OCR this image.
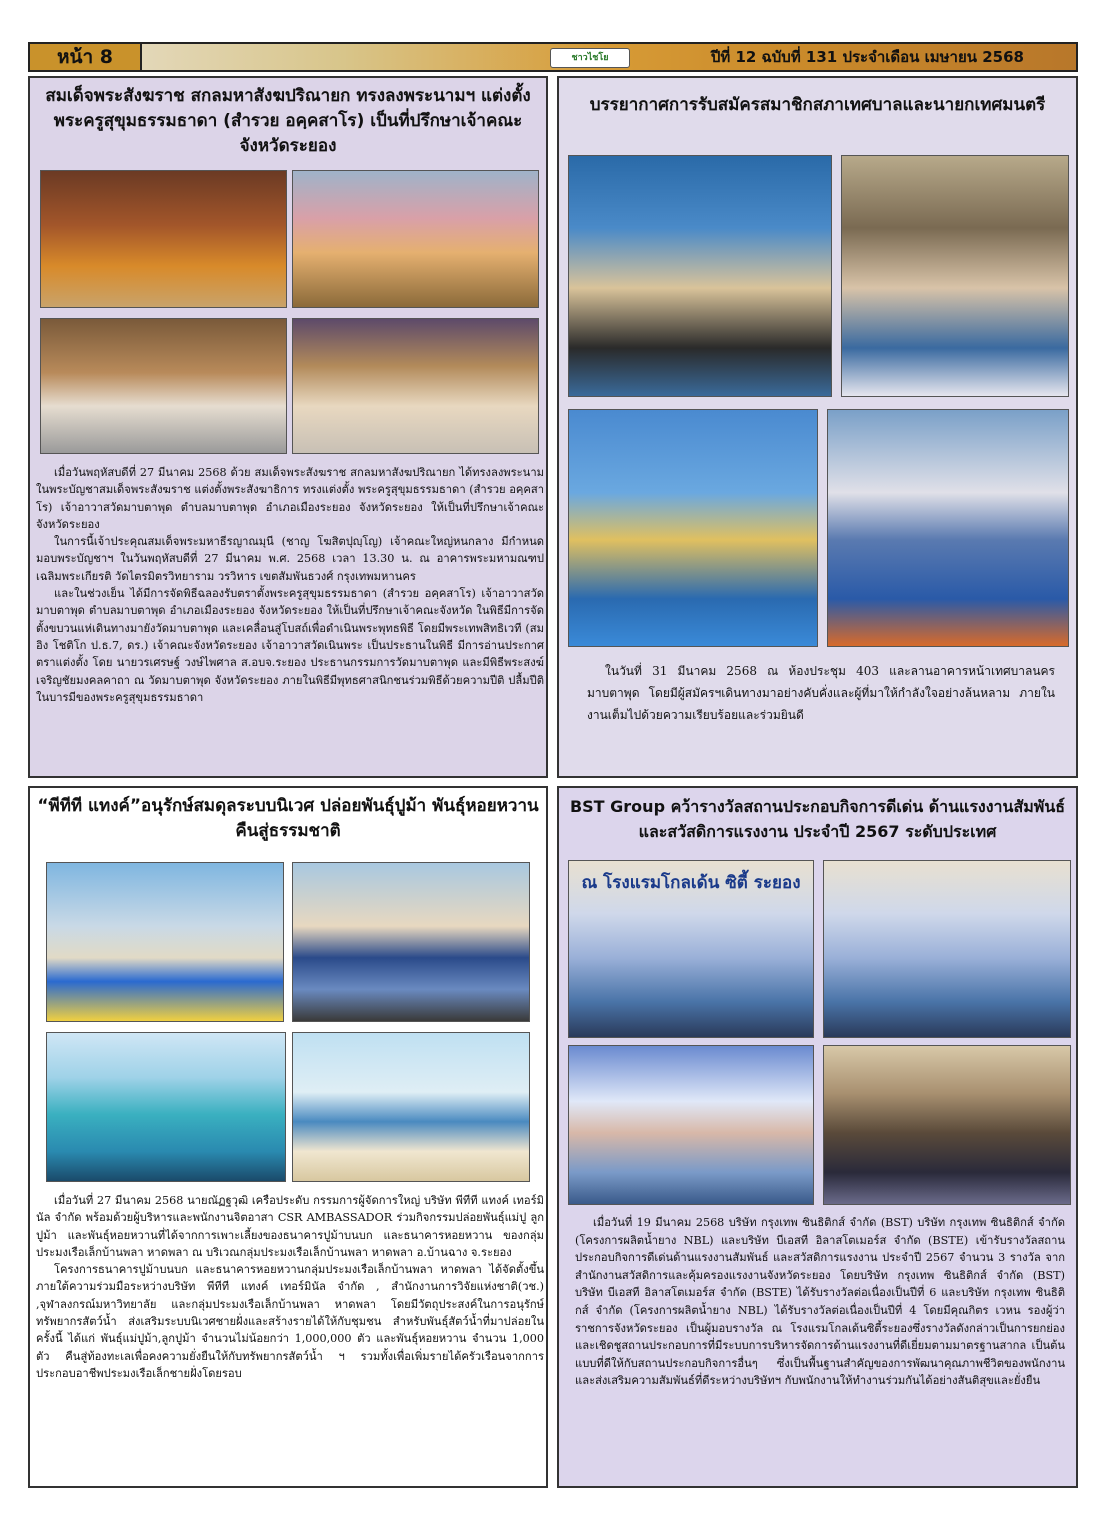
หน้า 8	ชาวไชโย	ปีที่ 12 ฉบับที่ 131 ประจำเดือน เมษายน 2568
สมเด็จพระสังฆราช สกลมหาสังฆปริณายก ทรงลงพระนามฯ แต่งตั้ง พระครูสุขุมธรรมธาดา (สำรวย อคฺคสาโร) เป็นที่ปรึกษาเจ้าคณะจังหวัดระยอง

เมื่อวันพฤหัสบดีที่ 27 มีนาคม 2568 ด้วย สมเด็จพระสังฆราช สกลมหาสังฆปริณายก ได้ทรงลงพระนามในพระบัญชาสมเด็จพระสังฆราช แต่งตั้งพระสังฆาธิการ ทรงแต่งตั้ง พระครูสุขุมธรรมธาดา (สำรวย อคฺคสาโร) เจ้าอาวาสวัดมาบตาพุด ตำบลมาบตาพุด อำเภอเมืองระยอง จังหวัดระยอง ให้เป็นที่ปรึกษาเจ้าคณะจังหวัดระยอง

ในการนี้เจ้าประคุณสมเด็จพระมหาธีรญาณมุนี (ชาญ โฆสิตปุญฺโญ) เจ้าคณะใหญ่หนกลาง มีกำหนดมอบพระบัญชาฯ ในวันพฤหัสบดีที่ 27 มีนาคม พ.ศ. 2568 เวลา 13.30 น. ณ อาคารพระมหามณฑปเฉลิมพระเกียรติ วัดไตรมิตรวิทยาราม วรวิหาร เขตสัมพันธวงศ์ กรุงเทพมหานคร

และในช่วงเย็น ได้มีการจัดพิธีฉลองรับตราตั้งพระครูสุขุมธรรมธาดา (สำรวย อคฺคสาโร) เจ้าอาวาสวัดมาบตาพุด ตำบลมาบตาพุด อำเภอเมืองระยอง จังหวัดระยอง ให้เป็นที่ปรึกษาเจ้าคณะจังหวัด ในพิธีมีการจัดตั้งขบวนแห่เดินทางมายังวัดมาบตาพุด และเคลื่อนสู่โบสถ์เพื่อดำเนินพระพุทธพิธี โดยมีพระเทพสิทธิเวที (สมอิง โชติโก ป.ธ.7, ดร.) เจ้าคณะจังหวัดระยอง เจ้าอาวาสวัดเนินพระ เป็นประธานในพิธี มีการอ่านประกาศตราแต่งตั้ง โดย นายวรเศรษฐ์ วงษ์ไพศาล ส.อบจ.ระยอง ประธานกรรมการวัดมาบตาพุด และมีพิธีพระสงฆ์เจริญชัยมงคลคาถา ณ วัดมาบตาพุด จังหวัดระยอง ภายในพิธีมีพุทธศาสนิกชนร่วมพิธีด้วยความปีติ ปลื้มปีติในบารมีของพระครูสุขุมธรรมธาดา

บรรยากาศการรับสมัครสมาชิกสภาเทศบาลและนายกเทศมนตรี

ในวันที่ 31 มีนาคม 2568 ณ ห้องประชุม 403 และลานอาคารหน้าเทศบาลนครมาบตาพุด โดยมีผู้สมัครฯเดินทางมาอย่างคับคั่งและผู้ที่มาให้กำลังใจอย่างล้นหลาม ภายในงานเต็มไปด้วยความเรียบร้อยและร่วมยินดี

“พีทีที แทงค์”อนุรักษ์สมดุลระบบนิเวศ ปล่อยพันธุ์ปูม้า พันธุ์หอยหวานคืนสู่ธรรมชาติ

เมื่อวันที่ 27 มีนาคม 2568 นายณัฏฐวุฒิ เครือประดับ กรรมการผู้จัดการใหญ่ บริษัท พีทีที แทงค์ เทอร์มินัล จำกัด พร้อมด้วยผู้บริหารและพนักงานจิตอาสา CSR AMBASSADOR ร่วมกิจกรรมปล่อยพันธุ์แม่ปู ลูกปูม้า และพันธุ์หอยหวานที่ได้จากการเพาะเลี้ยงของธนาคารปูม้าบนบก และธนาคารหอยหวาน ของกลุ่มประมงเรือเล็กบ้านพลา หาดพลา ณ บริเวณกลุ่มประมงเรือเล็กบ้านพลา หาดพลา อ.บ้านฉาง จ.ระยอง

โครงการธนาคารปูม้าบนบก และธนาคารหอยหวานกลุ่มประมงเรือเล็กบ้านพลา หาดพลา ได้จัดตั้งขึ้นภายใต้ความร่วมมือระหว่างบริษัท พีทีที แทงค์ เทอร์มินัล จำกัด , สำนักงานการวิจัยแห่งชาติ(วช.) ,จุฬาลงกรณ์มหาวิทยาลัย และกลุ่มประมงเรือเล็กบ้านพลา หาดพลา โดยมีวัตถุประสงค์ในการอนุรักษ์ทรัพยากรสัตว์น้ำ ส่งเสริมระบบนิเวศชายฝั่งและสร้างรายได้ให้กับชุมชน สำหรับพันธุ์สัตว์น้ำที่มาปล่อยในครั้งนี้ ได้แก่ พันธุ์แม่ปูม้า,ลูกปูม้า จำนวนไม่น้อยกว่า 1,000,000 ตัว และพันธุ์หอยหวาน จำนวน 1,000 ตัว คืนสู่ท้องทะเลเพื่อคงความยั่งยืนให้กับทรัพยากรสัตว์น้ำ ฯ รวมทั้งเพื่อเพิ่มรายได้ครัวเรือนจากการประกอบอาชีพประมงเรือเล็กชายฝั่งโดยรอบ

BST Group คว้ารางวัลสถานประกอบกิจการดีเด่น ด้านแรงงานสัมพันธ์และสวัสดิการแรงงาน ประจำปี 2567 ระดับประเทศ
ณ โรงแรมโกลเด้น ซิตี้ ระยอง

เมื่อวันที่ 19 มีนาคม 2568 บริษัท กรุงเทพ ซินธิติกส์ จำกัด (BST) บริษัท กรุงเทพ ซินธิติกส์ จำกัด (โครงการผลิตน้ำยาง NBL) และบริษัท บีเอสที อิลาสโตเมอร์ส จำกัด (BSTE) เข้ารับรางวัลสถานประกอบกิจการดีเด่นด้านแรงงานสัมพันธ์ และสวัสดิการแรงงาน ประจำปี 2567 จำนวน 3 รางวัล จากสำนักงานสวัสดิการและคุ้มครองแรงงานจังหวัดระยอง โดยบริษัท กรุงเทพ ซินธิติกส์ จำกัด (BST) บริษัท บีเอสที อิลาสโตเมอร์ส จำกัด (BSTE) ได้รับรางวัลต่อเนื่องเป็นปีที่ 6 และบริษัท กรุงเทพ ซินธิติกส์ จำกัด (โครงการผลิตน้ำยาง NBL) ได้รับรางวัลต่อเนื่องเป็นปีที่ 4 โดยมีคุณกิตร เวหน รองผู้ว่าราชการจังหวัดระยอง เป็นผู้มอบรางวัล ณ โรงแรมโกลเด้นซิตี้ระยองซึ่งรางวัลดังกล่าวเป็นการยกย่องและเชิดชูสถานประกอบการที่มีระบบการบริหารจัดการด้านแรงงานที่ดีเยี่ยมตามมาตรฐานสากล เป็นต้นแบบที่ดีให้กับสถานประกอบกิจการอื่นๆ ซึ่งเป็นพื้นฐานสำคัญของการพัฒนาคุณภาพชีวิตของพนักงานและส่งเสริมความสัมพันธ์ที่ดีระหว่างบริษัทฯ กับพนักงานให้ทำงานร่วมกันได้อย่างสันติสุขและยั่งยืน
